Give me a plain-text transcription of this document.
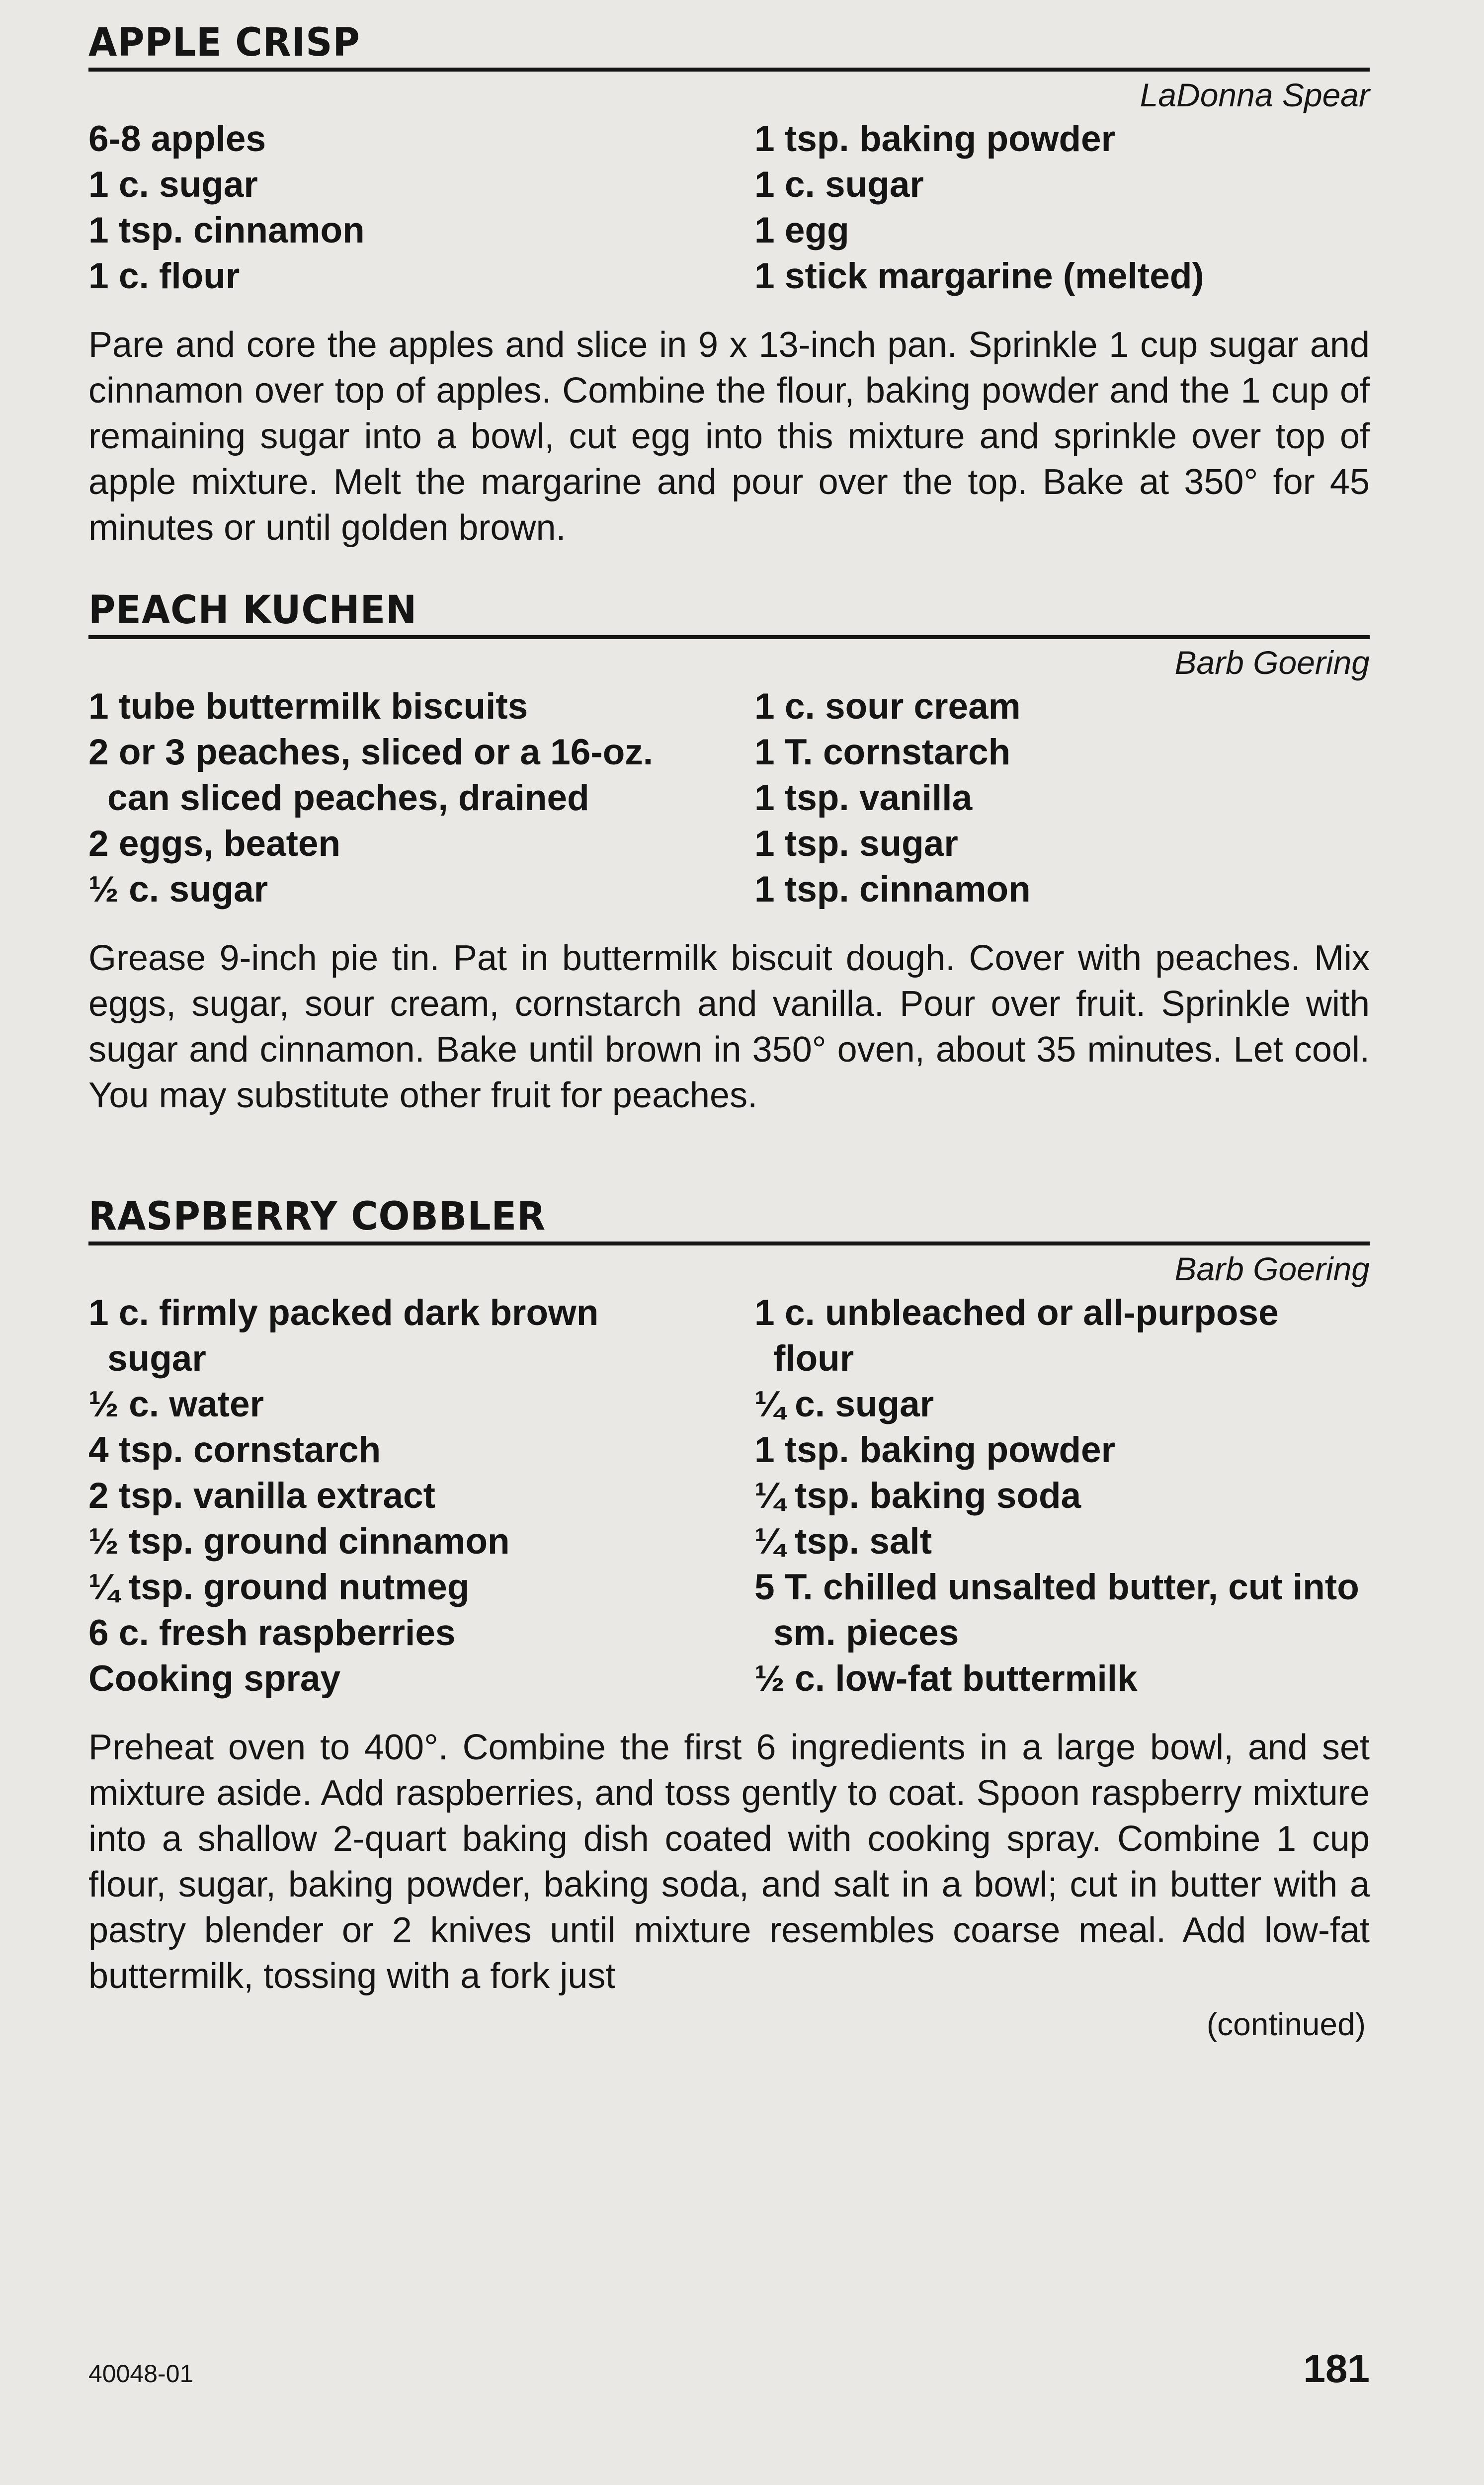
APPLE CRISP
LaDonna Spear
6-8 apples
1 c. sugar
1 tsp. cinnamon
1 c. flour
1 tsp. baking powder
1 c. sugar
1 egg
1 stick margarine (melted)

Pare and core the apples and slice in 9 x 13-inch pan. Sprinkle 1 cup sugar and cinnamon over top of apples. Combine the flour, baking powder and the 1 cup of remaining sugar into a bowl, cut egg into this mixture and sprinkle over top of apple mixture. Melt the margarine and pour over the top. Bake at 350° for 45 minutes or until golden brown.

PEACH KUCHEN
Barb Goering
1 tube buttermilk biscuits
2 or 3 peaches, sliced or a 16-oz. can sliced peaches, drained
2 eggs, beaten
½ c. sugar
1 c. sour cream
1 T. cornstarch
1 tsp. vanilla
1 tsp. sugar
1 tsp. cinnamon

Grease 9-inch pie tin. Pat in buttermilk biscuit dough. Cover with peaches. Mix eggs, sugar, sour cream, cornstarch and vanilla. Pour over fruit. Sprinkle with sugar and cinnamon. Bake until brown in 350° oven, about 35 minutes. Let cool. You may substitute other fruit for peaches.

RASPBERRY COBBLER
Barb Goering
1 c. firmly packed dark brown sugar
½ c. water
4 tsp. cornstarch
2 tsp. vanilla extract
½ tsp. ground cinnamon
¼ tsp. ground nutmeg
6 c. fresh raspberries
Cooking spray
1 c. unbleached or all-purpose flour
¼ c. sugar
1 tsp. baking powder
¼ tsp. baking soda
¼ tsp. salt
5 T. chilled unsalted butter, cut into sm. pieces
½ c. low-fat buttermilk

Preheat oven to 400°. Combine the first 6 ingredients in a large bowl, and set mixture aside. Add raspberries, and toss gently to coat. Spoon raspberry mixture into a shallow 2-quart baking dish coated with cooking spray. Combine 1 cup flour, sugar, baking powder, baking soda, and salt in a bowl; cut in butter with a pastry blender or 2 knives until mixture resembles coarse meal. Add low-fat buttermilk, tossing with a fork just

(continued)
40048-01	181
